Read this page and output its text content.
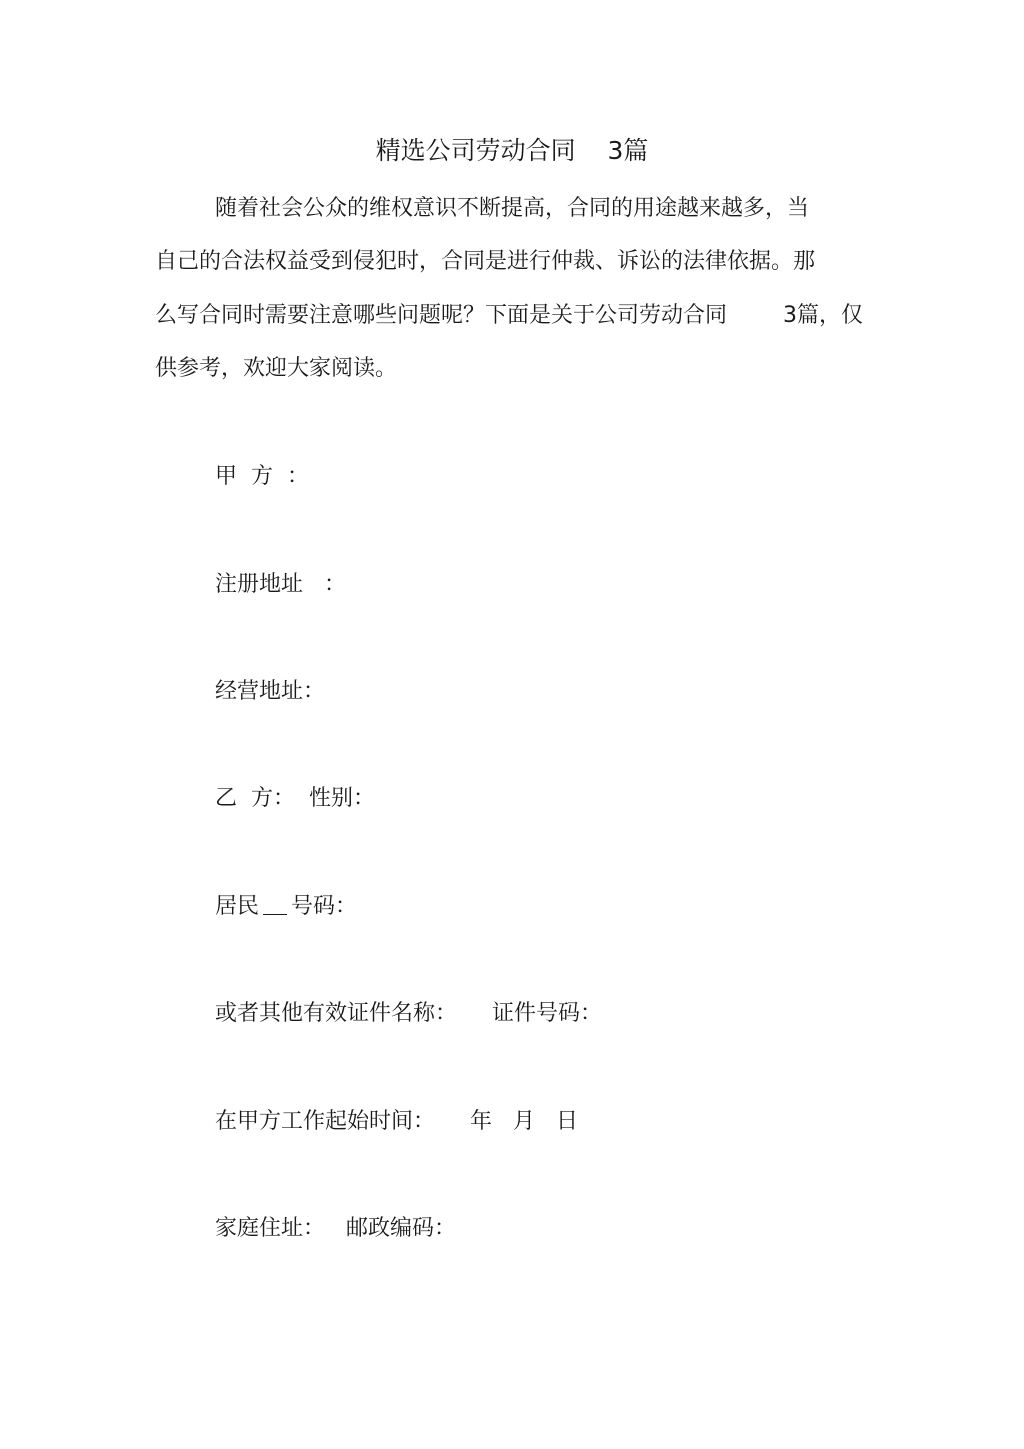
精选公司劳动合同 3篇
随着社会公众的维权意识不断提高，合同的用途越来越多，当
自己的合法权益受到侵犯时，合同是进行仲裁、诉讼的法律依据。那
么写合同时需要注意哪些问题呢？下面是关于公司劳动合同	3篇，仅
供参考，欢迎大家阅读。
甲  方  ：
注册地址   ：
经营地址：
乙  方： 性别：
居民 号码：
或者其他有效证件名称： 证件号码：
在甲方工作起始时间： 年   月   日
家庭住址： 邮政编码：
